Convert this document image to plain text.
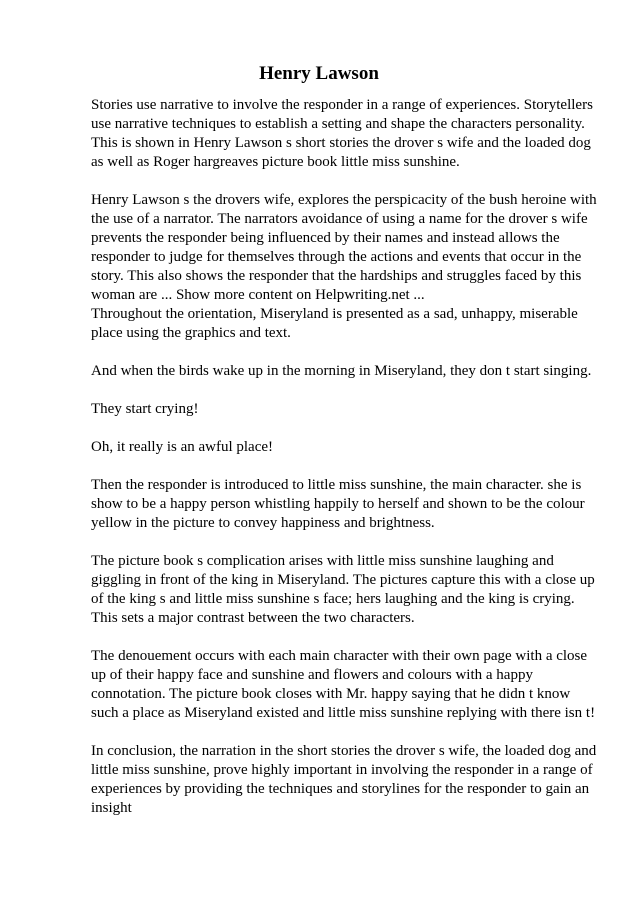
Henry Lawson

Stories use narrative to involve the responder in a range of experiences. Storytellers use narrative techniques to establish a setting and shape the characters personality. This is shown in Henry Lawson s short stories the drover s wife and the loaded dog as well as Roger hargreaves picture book little miss sunshine.

Henry Lawson s the drovers wife, explores the perspicacity of the bush heroine with the use of a narrator. The narrators avoidance of using a name for the drover s wife prevents the responder being influenced by their names and instead allows the responder to judge for themselves through the actions and events that occur in the story. This also shows the responder that the hardships and struggles faced by this woman are ... Show more content on Helpwriting.net ...

Throughout the orientation, Miseryland is presented as a sad, unhappy, miserable place using the graphics and text.

And when the birds wake up in the morning in Miseryland, they don t start singing.

They start crying!

Oh, it really is an awful place!

Then the responder is introduced to little miss sunshine, the main character. she is show to be a happy person whistling happily to herself and shown to be the colour yellow in the picture to convey happiness and brightness.

The picture book s complication arises with little miss sunshine laughing and giggling in front of the king in Miseryland. The pictures capture this with a close up of the king s and little miss sunshine s face; hers laughing and the king is crying. This sets a major contrast between the two characters.

The denouement occurs with each main character with their own page with a close up of their happy face and sunshine and flowers and colours with a happy connotation. The picture book closes with Mr. happy saying that he didn t know such a place as Miseryland existed and little miss sunshine replying with there isn t!

In conclusion, the narration in the short stories the drover s wife, the loaded dog and little miss sunshine, prove highly important in involving the responder in a range of experiences by providing the techniques and storylines for the responder to gain an insight
